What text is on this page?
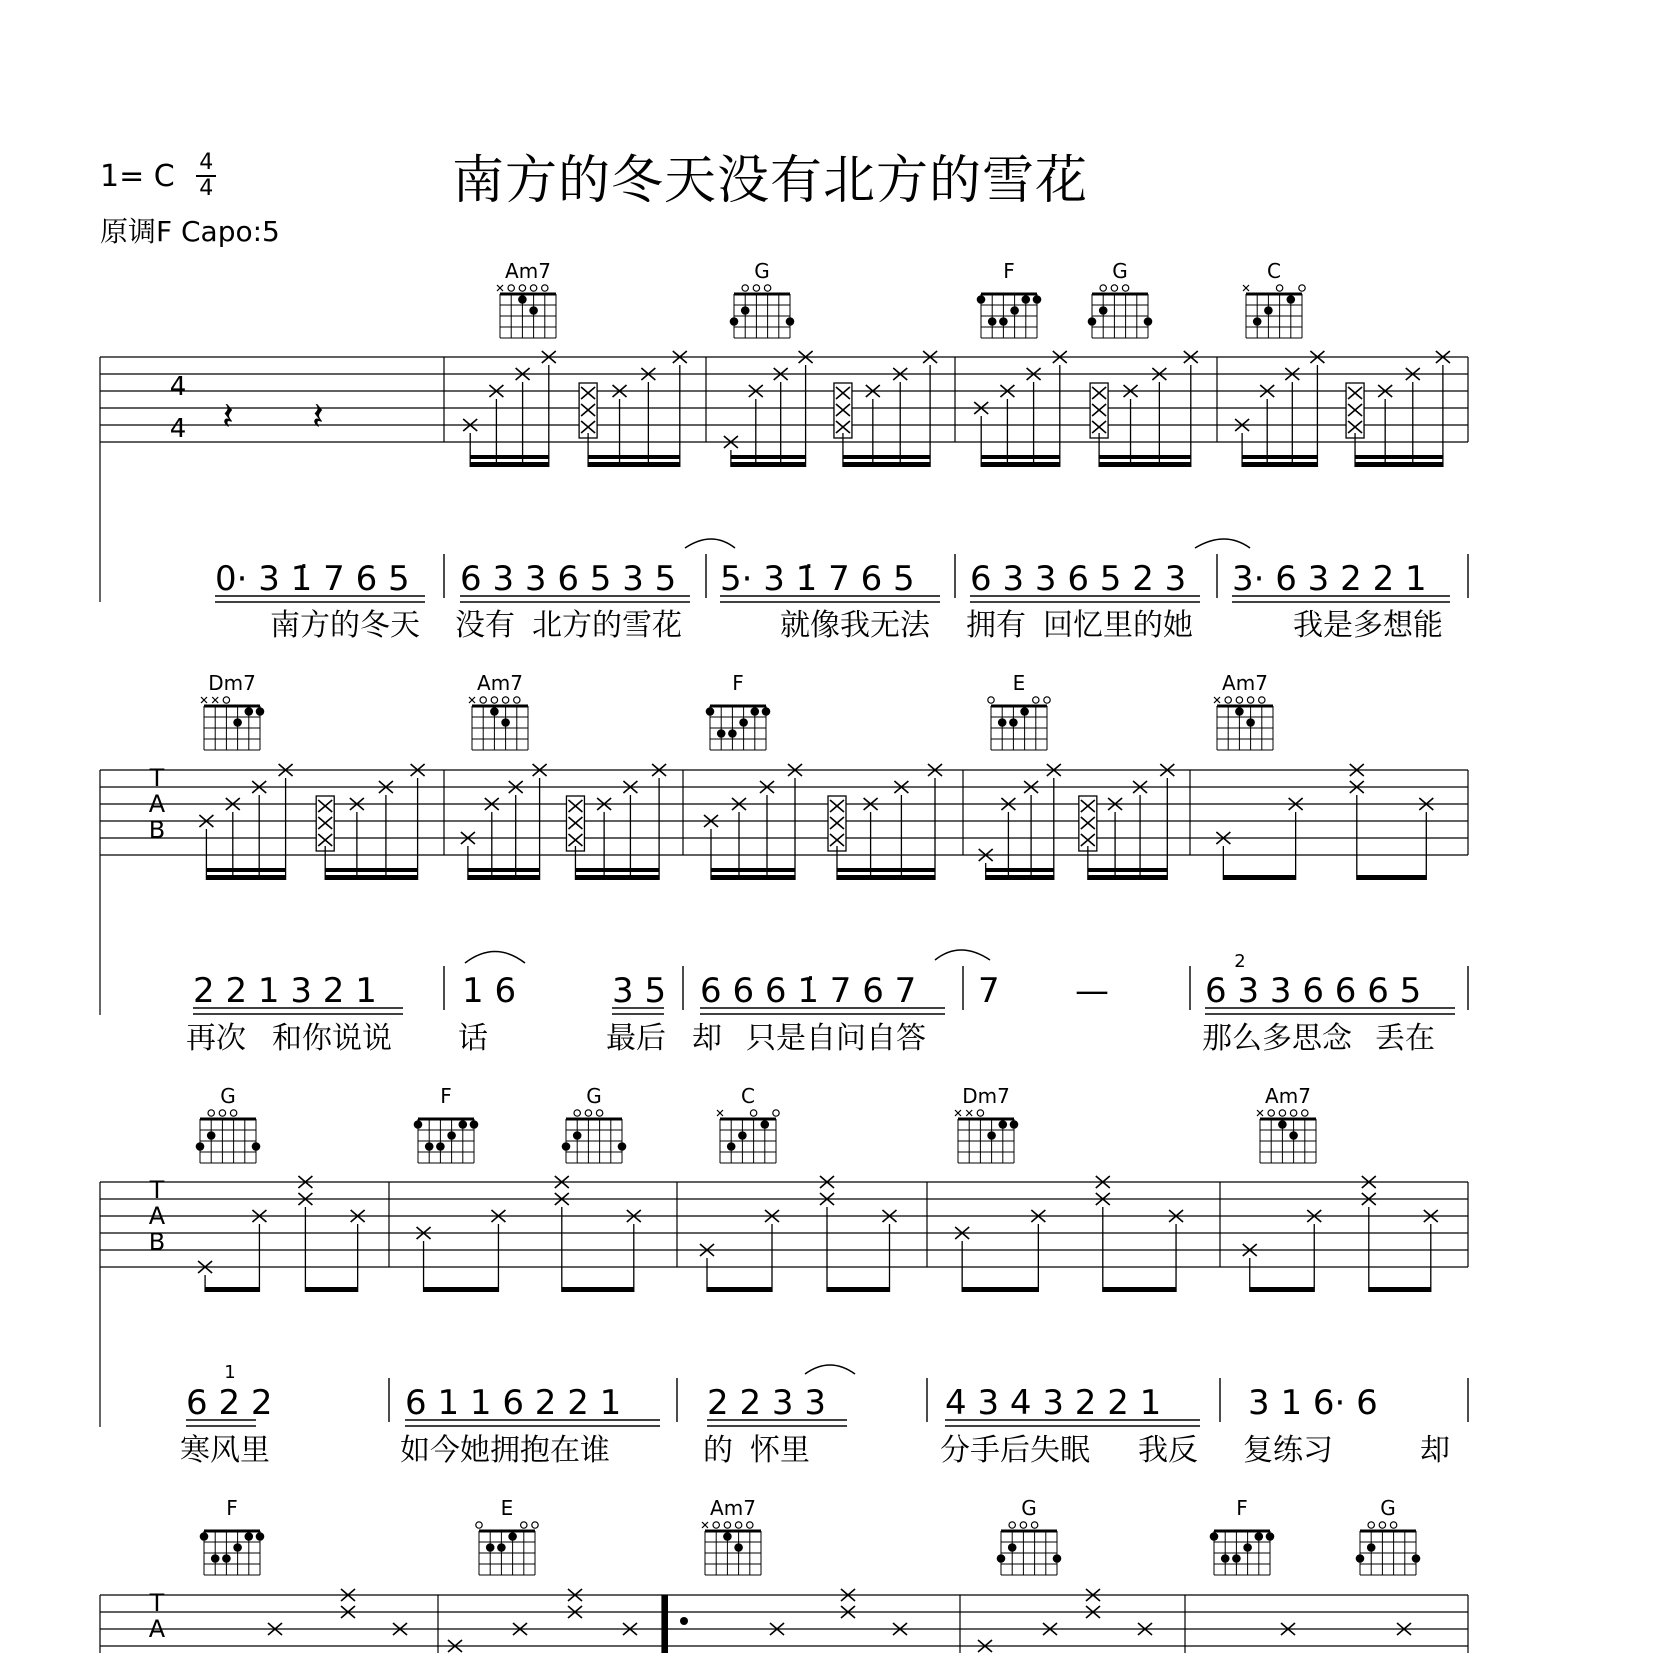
1= C $\frac{4}{4}$	南方的冬天没有北方的雪花
原调F Capo:5
4
4 𝄽 𝄽
0· 3 1̇ 7 6 5 6 3 3 6 5 3 5 5· 3 1̇ 7 6 5 6 3 3 6 5 2 3 3· 6 3 2 2 1
南方的冬天 没有 北方的雪花	就像我无法 拥有 回忆里的她	我是多想能
Am7	G	F	G	C
T
A
B
2 2 1 3 2 1	1 6	3 5 6 6 6 1̇ 7 6 7 7 —	6 3 3 6 6 6 5
再次 和你说说 话	最后 却 只是自问自答	那么多思念 丢在
2
Dm7	Am7	F	E	Am7
T
A
B
6 2 2	6 1 1 6 2 2 1	2 2 3 3	4 3 4 3 2 2 1	3 1 6· 6
寒风里	如今她拥抱在谁	的 怀里	分手后失眠 我反 复练习	却
1
G	F	G	C	Dm7	Am7
T
A
F	E	Am7	G	F	G
